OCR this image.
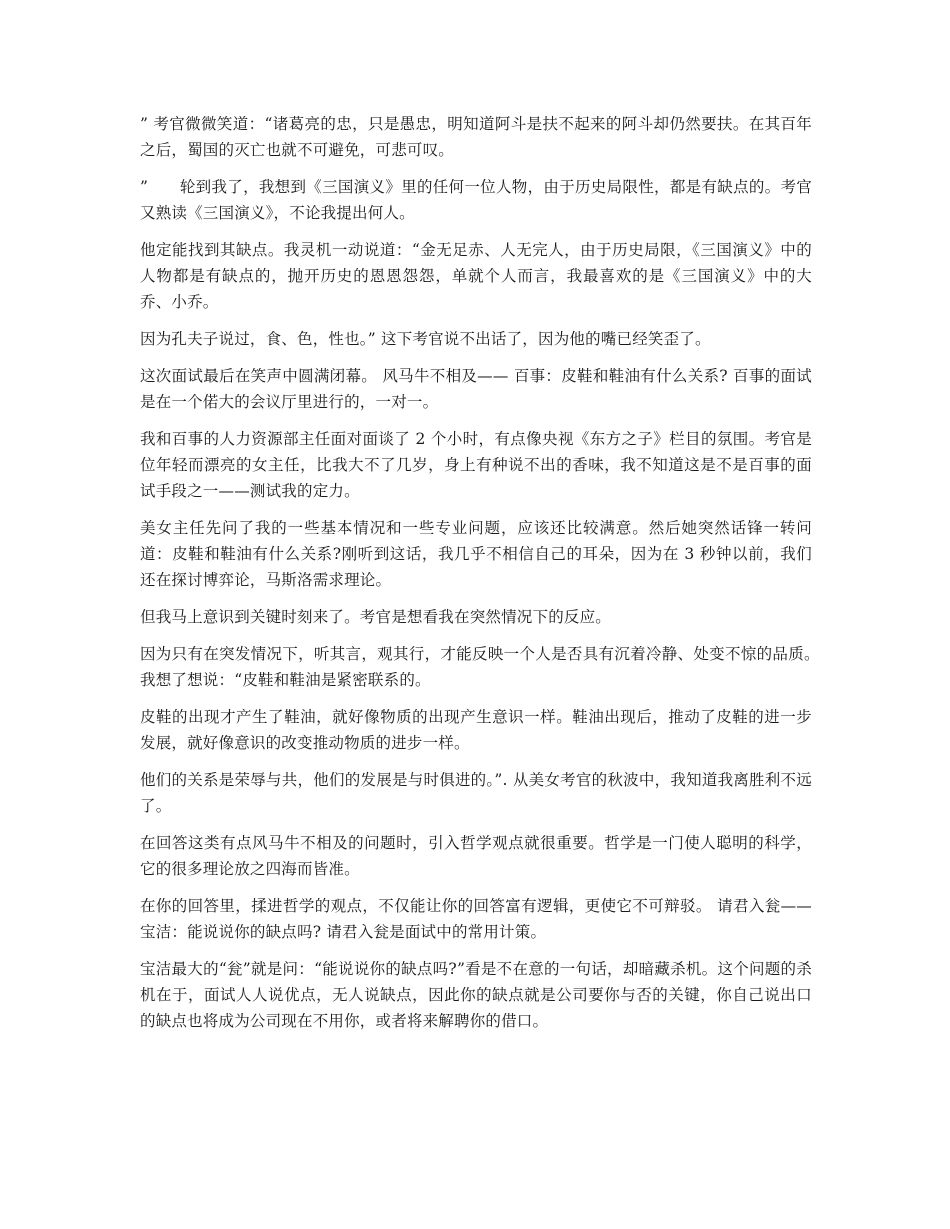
” 考官微微笑道：“诸葛亮的忠，只是愚忠，明知道阿斗是扶不起来的阿斗却仍然要扶。在其百年之后，蜀国的灭亡也就不可避免，可悲可叹。

”　　轮到我了，我想到《三国演义》里的任何一位人物，由于历史局限性，都是有缺点的。考官又熟读《三国演义》，不论我提出何人。

他定能找到其缺点。我灵机一动说道：“金无足赤、人无完人，由于历史局限，《三国演义》中的人物都是有缺点的，抛开历史的恩恩怨怨，单就个人而言，我最喜欢的是《三国演义》中的大乔、小乔。

因为孔夫子说过，食、色，性也。” 这下考官说不出话了，因为他的嘴已经笑歪了。

这次面试最后在笑声中圆满闭幕。 风马牛不相及—— 百事：皮鞋和鞋油有什么关系? 百事的面试是在一个偌大的会议厅里进行的，一对一。

我和百事的人力资源部主任面对面谈了 2 个小时，有点像央视《东方之子》栏目的氛围。考官是位年轻而漂亮的女主任，比我大不了几岁，身上有种说不出的香味，我不知道这是不是百事的面试手段之一——测试我的定力。

美女主任先问了我的一些基本情况和一些专业问题，应该还比较满意。然后她突然话锋一转问道：皮鞋和鞋油有什么关系?刚听到这话，我几乎不相信自己的耳朵，因为在 3 秒钟以前，我们还在探讨博弈论，马斯洛需求理论。

但我马上意识到关键时刻来了。考官是想看我在突然情况下的反应。

因为只有在突发情况下，听其言，观其行，才能反映一个人是否具有沉着冷静、处变不惊的品质。　 我想了想说：“皮鞋和鞋油是紧密联系的。

皮鞋的出现才产生了鞋油，就好像物质的出现产生意识一样。鞋油出现后，推动了皮鞋的进一步发展，就好像意识的改变推动物质的进步一样。

他们的关系是荣辱与共，他们的发展是与时俱进的。”. 从美女考官的秋波中，我知道我离胜利不远了。

在回答这类有点风马牛不相及的问题时，引入哲学观点就很重要。哲学是一门使人聪明的科学，它的很多理论放之四海而皆准。

在你的回答里，揉进哲学的观点，不仅能让你的回答富有逻辑，更使它不可辩驳。 请君入瓮—— 宝洁：能说说你的缺点吗? 请君入瓮是面试中的常用计策。

宝洁最大的“瓮”就是问：“能说说你的缺点吗?”看是不在意的一句话，却暗藏杀机。这个问题的杀机在于，面试人人说优点，无人说缺点，因此你的缺点就是公司要你与否的关键，你自己说出口的缺点也将成为公司现在不用你，或者将来解聘你的借口。
